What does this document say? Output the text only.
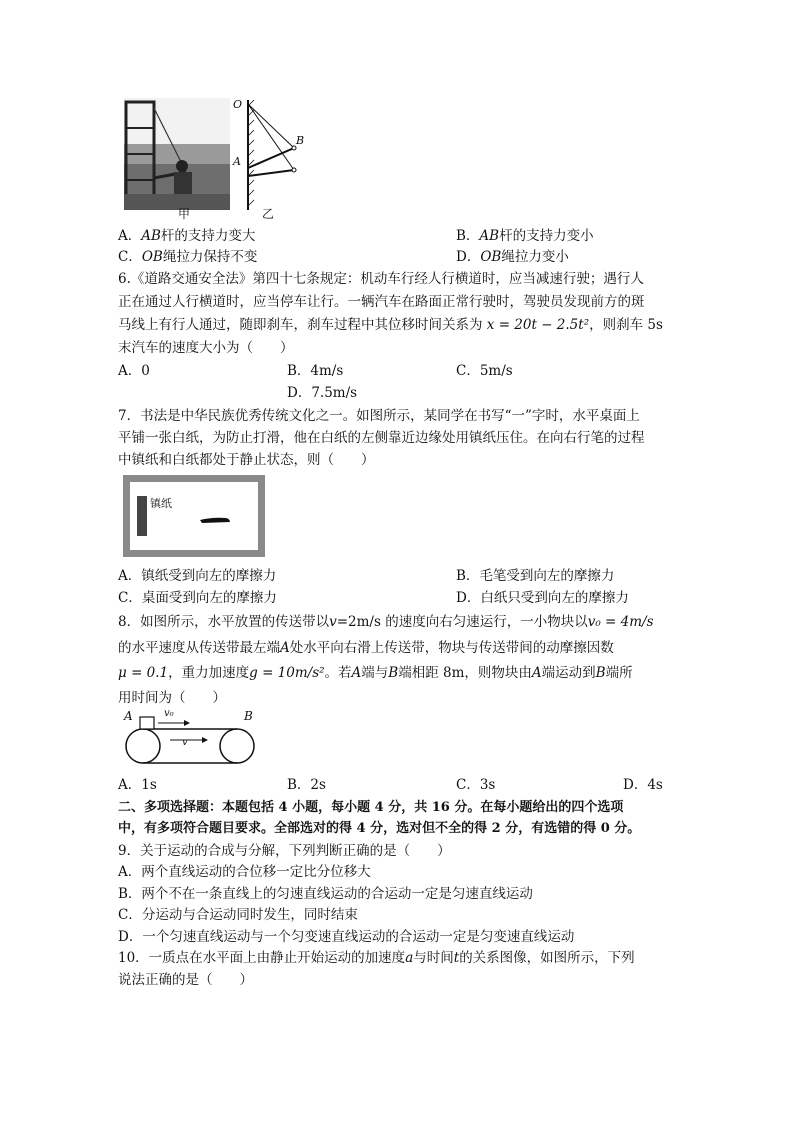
O
B
A
甲	乙
A．AB杆的支持力变大	B．AB杆的支持力变小
C．OB绳拉力保持不变	D．OB绳拉力变小
6.《道路交通安全法》第四十七条规定：机动车行经人行横道时，应当减速行驶；遇行人
正在通过人行横道时，应当停车让行。一辆汽车在路面正常行驶时，驾驶员发现前方的斑
马线上有行人通过，随即刹车，刹车过程中其位移时间关系为 x = 20t − 2.5t²，则刹车 5s
末汽车的速度大小为（　　）
A．0	B．4m/s	C．5m/s
D．7.5m/s
7．书法是中华民族优秀传统文化之一。如图所示，某同学在书写“一”字时，水平桌面上
平铺一张白纸，为防止打滑，他在白纸的左侧靠近边缘处用镇纸压住。在向右行笔的过程
中镇纸和白纸都处于静止状态，则（　　）
镇纸
A．镇纸受到向左的摩擦力	B．毛笔受到向左的摩擦力
C．桌面受到向左的摩擦力	D．白纸只受到向左的摩擦力
8．如图所示，水平放置的传送带以v=2m/s 的速度向右匀速运行，一小物块以v₀ = 4m/s
的水平速度从传送带最左端A处水平向右滑上传送带，物块与传送带间的动摩擦因数
μ = 0.1，重力加速度g = 10m/s²。若A端与B端相距 8m，则物块由A端运动到B端所
用时间为（　　）
A	B
v₀
v
A．1s	B．2s	C．3s	D．4s
二、多项选择题：本题包括 4 小题，每小题 4 分，共 16 分。在每小题给出的四个选项
中，有多项符合题目要求。全部选对的得 4 分，选对但不全的得 2 分，有选错的得 0 分。
9．关于运动的合成与分解，下列判断正确的是（　　）
A．两个直线运动的合位移一定比分位移大
B．两个不在一条直线上的匀速直线运动的合运动一定是匀速直线运动
C．分运动与合运动同时发生，同时结束
D．一个匀速直线运动与一个匀变速直线运动的合运动一定是匀变速直线运动
10．一质点在水平面上由静止开始运动的加速度a与时间t的关系图像，如图所示，下列
说法正确的是（　　）
